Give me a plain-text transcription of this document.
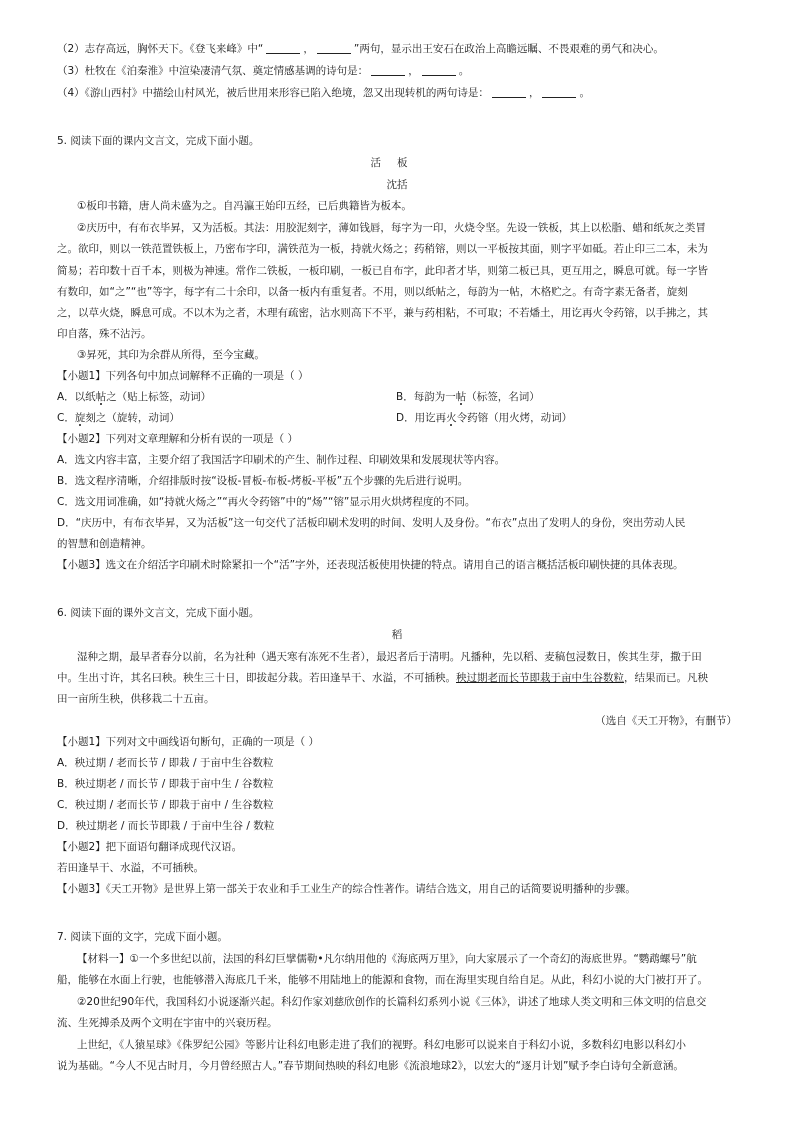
（2）志存高远，胸怀天下。《登飞来峰》中“	，	”两句，显示出王安石在政治上高瞻远瞩、不畏艰难的勇气和决心。
（3）杜牧在《泊秦淮》中渲染凄清气氛、奠定情感基调的诗句是：	，	。
（4）《游山西村》中描绘山村风光，被后世用来形容已陷入绝境，忽又出现转机的两句诗是：	，	。
5. 阅读下面的课内文言文，完成下面小题。
活板
沈括
①板印书籍，唐人尚未盛为之。自冯瀛王始印五经，已后典籍皆为板本。
②庆历中，有布衣毕昇，又为活板。其法：用胶泥刻字，薄如钱唇，每字为一印，火烧令坚。先设一铁板，其上以松脂、蜡和纸灰之类冒
之。欲印，则以一铁范置铁板上，乃密布字印，满铁范为一板，持就火炀之；药稍镕，则以一平板按其面，则字平如砥。若止印三二本，未为
简易；若印数十百千本，则极为神速。常作二铁板，一板印刷，一板已自布字，此印者才毕，则第二板已具，更互用之，瞬息可就。每一字皆
有数印，如“之”“也”等字，每字有二十余印，以备一板内有重复者。不用，则以纸帖之，每韵为一帖，木格贮之。有奇字素无备者，旋刻
之，以草火烧，瞬息可成。不以木为之者，木理有疏密，沾水则高下不平，兼与药相粘，不可取；不若燔土，用讫再火令药镕，以手拂之，其
印自落，殊不沾污。
③昇死，其印为余群从所得，至今宝藏。
【小题1】下列各句中加点词解释不正确的一项是（ ）
A．以纸帖之（贴上标签，动词）	B．每韵为一帖（标签，名词）
C．旋刻之（旋转，动词）	D．用讫再火令药镕（用火烤，动词）
【小题2】下列对文章理解和分析有误的一项是（ ）
A．选文内容丰富，主要介绍了我国活字印刷术的产生、制作过程、印刷效果和发展现状等内容。
B．选文程序清晰，介绍排版时按“设板-冒板-布板-烤板-平板”五个步骤的先后进行说明。
C．选文用词准确，如“持就火炀之”“再火令药镕”中的“炀”“镕”显示用火烘烤程度的不同。
D．“庆历中，有布衣毕昇，又为活板”这一句交代了活板印刷术发明的时间、发明人及身份。“布衣”点出了发明人的身份，突出劳动人民
的智慧和创造精神。
【小题3】选文在介绍活字印刷术时除紧扣一个“活”字外，还表现活板使用快捷的特点。请用自己的语言概括活板印刷快捷的具体表现。
6. 阅读下面的课外文言文，完成下面小题。
稻
湿种之期，最早者春分以前，名为社种（遇天寒有冻死不生者），最迟者后于清明。凡播种，先以稻、麦稿包浸数日，俟其生芽，撒于田
中。生出寸许，其名曰秧。秧生三十日，即拔起分栽。若田逢旱干、水溢，不可插秧。秧过期老而长节即栽于亩中生谷数粒，结果而已。凡秧
田一亩所生秧，供移栽二十五亩。
（选自《天工开物》，有删节）
【小题1】下列对文中画线语句断句，正确的一项是（ ）
A．秧过期 / 老而长节 / 即栽 / 于亩中生谷数粒
B．秧过期老 / 而长节 / 即栽于亩中生 / 谷数粒
C．秧过期 / 老而长节 / 即栽于亩中 / 生谷数粒
D．秧过期老 / 而长节即栽 / 于亩中生谷 / 数粒
【小题2】把下面语句翻译成现代汉语。
若田逢旱干、水溢，不可插秧。
【小题3】《天工开物》是世界上第一部关于农业和手工业生产的综合性著作。请结合选文，用自己的话简要说明播种的步骤。
7. 阅读下面的文字，完成下面小题。
【材料一】①一个多世纪以前，法国的科幻巨擘儒勒•凡尔纳用他的《海底两万里》，向大家展示了一个奇幻的海底世界。“鹦鹉螺号”航
船，能够在水面上行驶，也能够潜入海底几千米，能够不用陆地上的能源和食物，而在海里实现自给自足。从此，科幻小说的大门被打开了。
②20世纪90年代，我国科幻小说逐渐兴起。科幻作家刘慈欣创作的长篇科幻系列小说《三体》，讲述了地球人类文明和三体文明的信息交
流、生死搏杀及两个文明在宇宙中的兴衰历程。
上世纪，《人猿星球》《侏罗纪公园》等影片让科幻电影走进了我们的视野。科幻电影可以说来自于科幻小说，多数科幻电影以科幻小
说为基础。“今人不见古时月，今月曾经照古人。”春节期间热映的科幻电影《流浪地球2》，以宏大的“逐月计划”赋予李白诗句全新意涵。
